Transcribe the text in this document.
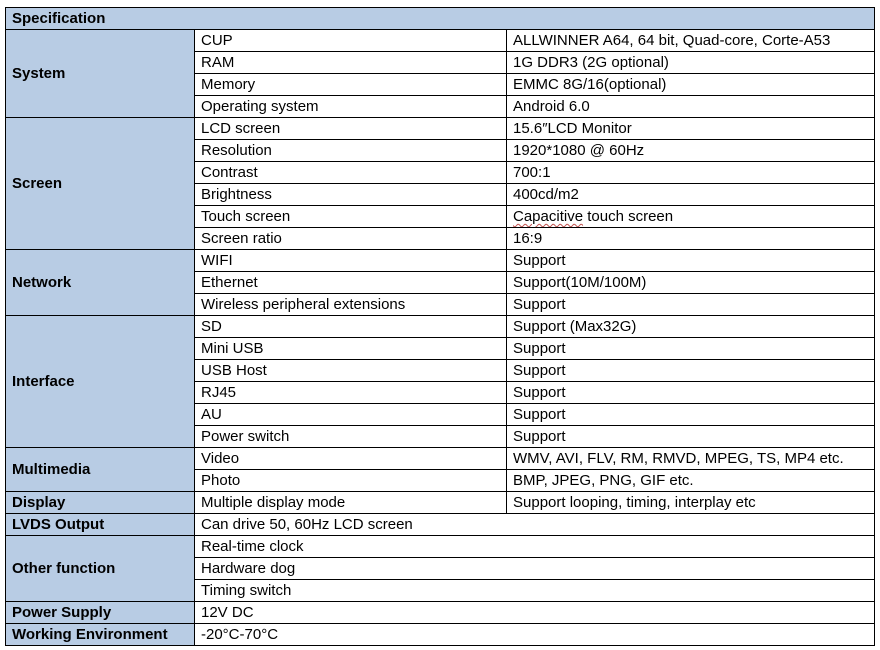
Specification		
System	CUP	ALLWINNER A64, 64 bit, Quad-core, Corte-A53
	RAM	1G DDR3 (2G optional)
	Memory	EMMC 8G/16(optional)
	Operating system	Android 6.0
Screen	LCD screen	15.6″LCD Monitor
	Resolution	1920*1080 @ 60Hz
	Contrast	700:1
	Brightness	400cd/m2
	Touch screen	Capacitive touch screen
	Screen ratio	16:9
Network	WIFI	Support
	Ethernet	Support(10M/100M)
	Wireless peripheral extensions	Support
Interface	SD	Support (Max32G)
	Mini USB	Support
	USB Host	Support
	RJ45	Support
	AU	Support
	Power switch	Support
Multimedia	Video	WMV, AVI, FLV, RM, RMVD, MPEG, TS, MP4 etc.
	Photo	BMP, JPEG, PNG, GIF etc.
Display	Multiple display mode	Support looping, timing, interplay etc
LVDS Output	Can drive 50, 60Hz LCD screen	
Other function	Real-time clock	
	Hardware dog	
	Timing switch	
Power Supply	12V DC	
Working Environment	-20°C-70°C	
